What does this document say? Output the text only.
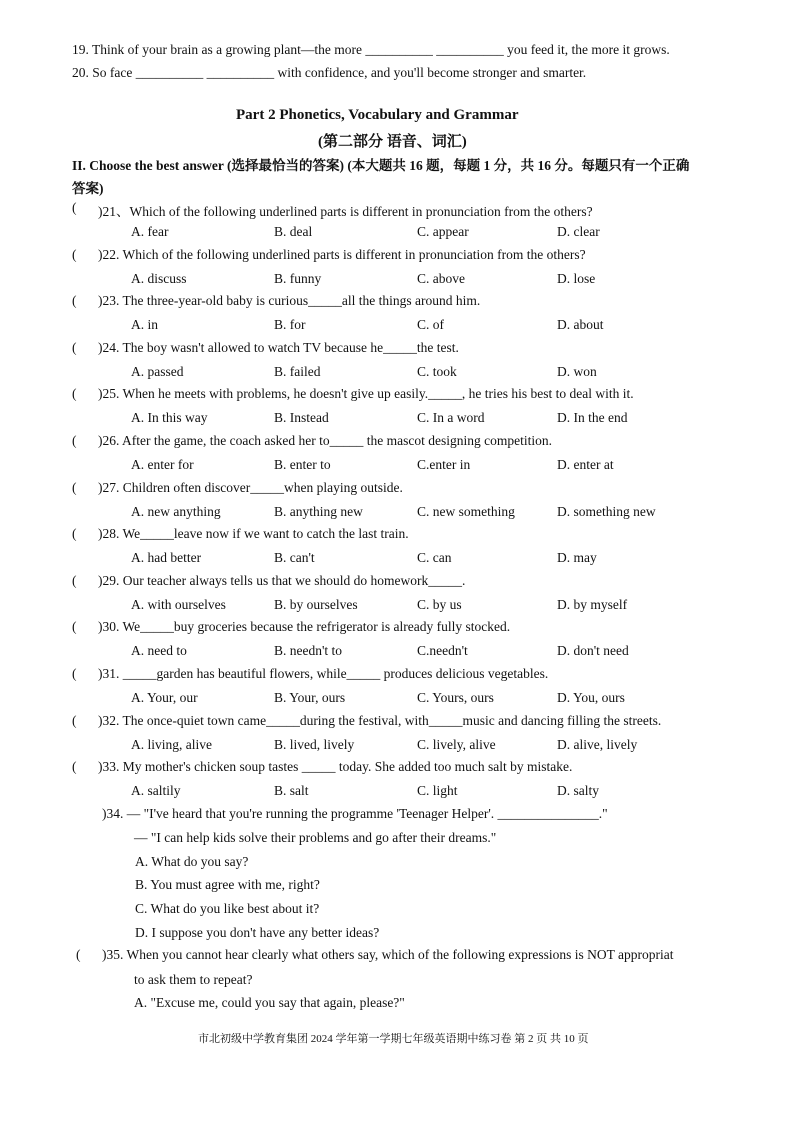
19. Think of your brain as a growing plant—the more __________ __________ you feed it, the more it grows.
20. So face __________ __________ with confidence, and you'll become stronger and smarter.
Part 2 Phonetics, Vocabulary and Grammar
(第二部分 语音、词汇)
II. Choose the best answer (选择最恰当的答案) (本大题共 16 题，每题 1 分，共 16 分。每题只有一个正确
答案)
( )21、Which of the following underlined parts is different in pronunciation from the others?
A. fear	B. deal	C. appear	D. clear
( )22. Which of the following underlined parts is different in pronunciation from the others?
A. discuss	B. funny	C. above	D. lose
( )23. The three-year-old baby is curious_____all the things around him.
A. in	B. for	C. of	D. about
( )24. The boy wasn't allowed to watch TV because he_____the test.
A. passed	B. failed	C. took	D. won
( )25. When he meets with problems, he doesn't give up easily._____, he tries his best to deal with it.
A. In this way	B. Instead	C. In a word	D. In the end
( )26. After the game, the coach asked her to_____ the mascot designing competition.
A. enter for	B. enter to	C.enter in	D. enter at
( )27. Children often discover_____when playing outside.
A. new anything	B. anything new	C. new something	D. something new
( )28. We_____leave now if we want to catch the last train.
A. had better	B. can't	C. can	D. may
( )29. Our teacher always tells us that we should do homework_____.
A. with ourselves	B. by ourselves	C. by us	D. by myself
( )30. We_____buy groceries because the refrigerator is already fully stocked.
A. need to	B. needn't to	C.needn't	D. don't need
( )31. _____garden has beautiful flowers, while_____ produces delicious vegetables.
A. Your, our	B. Your, ours	C. Yours, ours	D. You, ours
( )32. The once-quiet town came_____during the festival, with_____music and dancing filling the streets.
A. living, alive	B. lived, lively	C. lively, alive	D. alive, lively
( )33. My mother's chicken soup tastes _____ today. She added too much salt by mistake.
A. saltily	B. salt	C. light	D. salty
)34. — "I've heard that you're running the programme 'Teenager Helper'. _______________."
— "I can help kids solve their problems and go after their dreams."
A. What do you say?
B. You must agree with me, right?
C. What do you like best about it?
D. I suppose you don't have any better ideas?
( )35. When you cannot hear clearly what others say, which of the following expressions is NOT appropriat
to ask them to repeat?
A. "Excuse me, could you say that again, please?"
市北初级中学教育集团 2024 学年第一学期七年级英语期中练习卷 第 2 页 共 10 页
